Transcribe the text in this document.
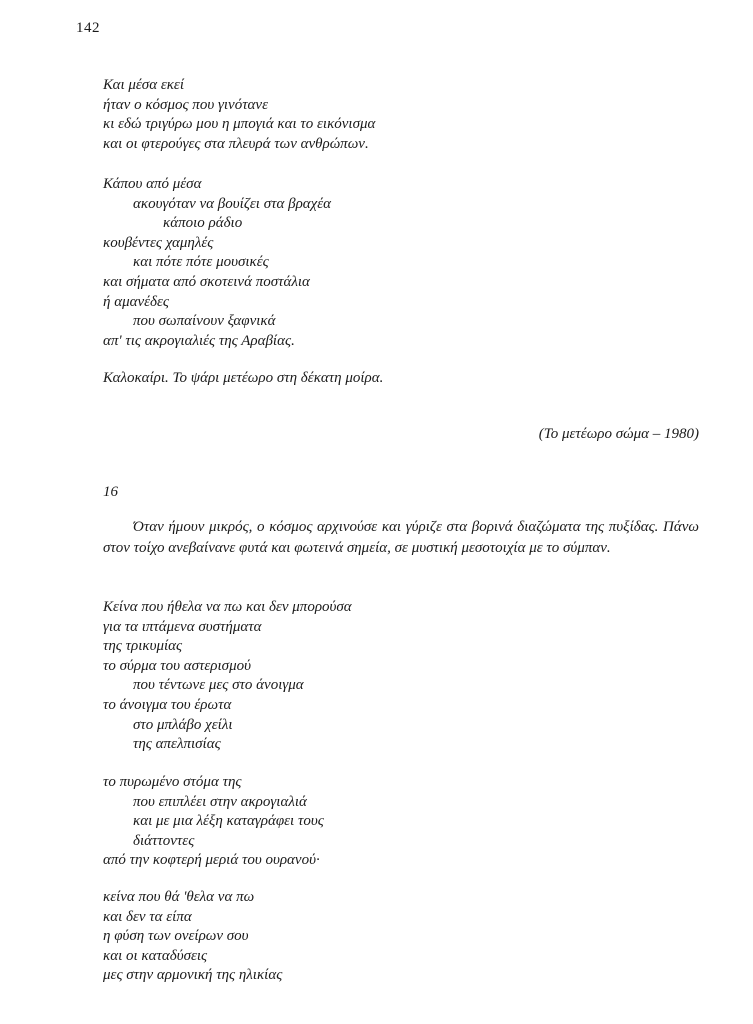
142
Και μέσα εκεί
ήταν ο κόσμος που γινότανε
κι εδώ τριγύρω μου η μπογιά και το εικόνισμα
και οι φτερούγες στα πλευρά των ανθρώπων.
Κάπου από μέσα
ακουγόταν να βουίζει στα βραχέα
κάποιο ράδιο
κουβέντες χαμηλές
και πότε πότε μουσικές
και σήματα από σκοτεινά ποστάλια
ή αμανέδες
που σωπαίνουν ξαφνικά
απ' τις ακρογιαλιές της Αραβίας.
Καλοκαίρι. Το ψάρι μετέωρο στη δέκατη μοίρα.
(Το μετέωρο σώμα – 1980)
16

Όταν ήμουν μικρός, ο κόσμος αρχινούσε και γύριζε στα βορινά διαζώματα της πυξίδας. Πάνω στον τοίχο ανεβαίνανε φυτά και φωτεινά σημεία, σε μυστική μεσοτοιχία με το σύμπαν.

Κείνα που ήθελα να πω και δεν μπορούσα
για τα ιπτάμενα συστήματα
της τρικυμίας
το σύρμα του αστερισμού
που τέντωνε μες στο άνοιγμα
το άνοιγμα του έρωτα
στο μπλάβο χείλι
της απελπισίας
το πυρωμένο στόμα της
που επιπλέει στην ακρογιαλιά
και με μια λέξη καταγράφει τους
διάττοντες
από την κοφτερή μεριά του ουρανού·
κείνα που θά 'θελα να πω
και δεν τα είπα
η φύση των ονείρων σου
και οι καταδύσεις
μες στην αρμονική της ηλικίας
